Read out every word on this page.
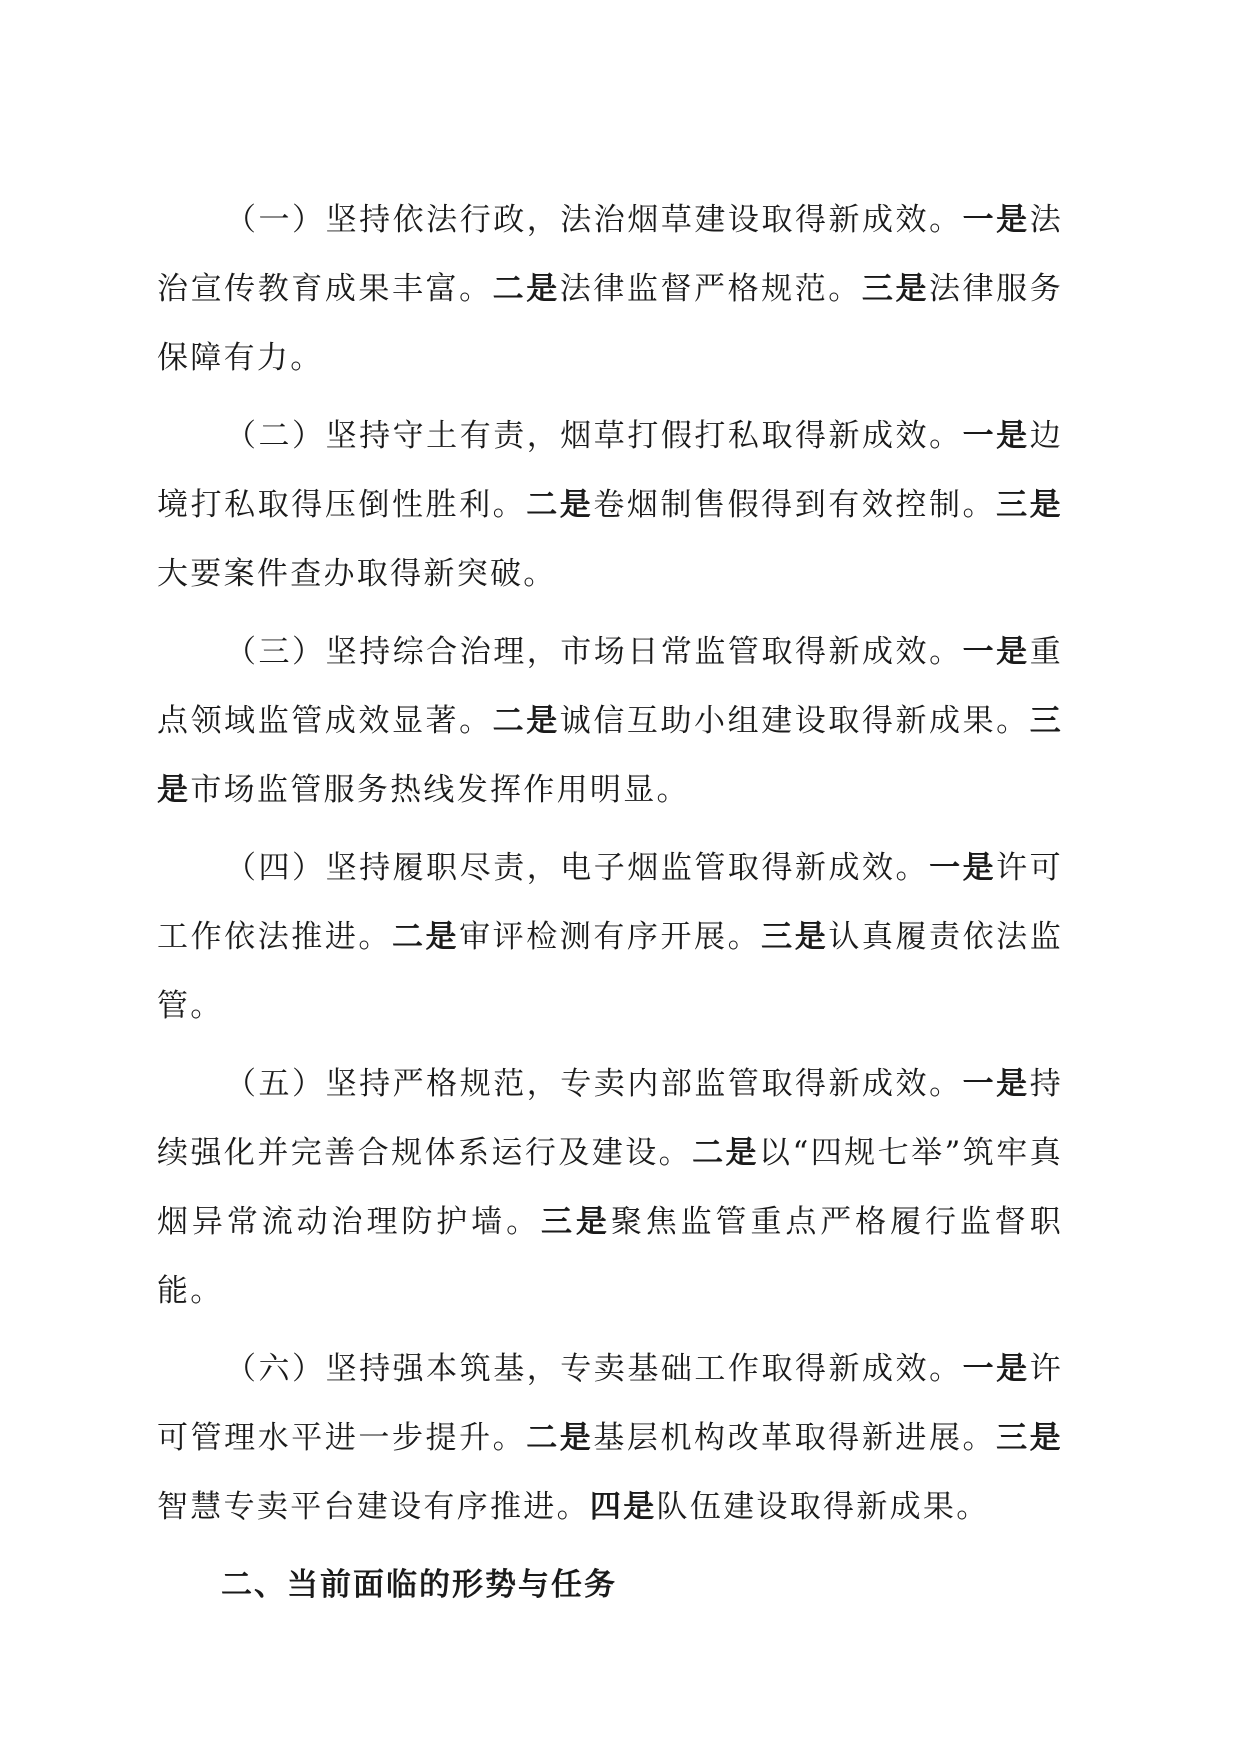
（一）坚持依法行政，法治烟草建设取得新成效。一是法治宣传教育成果丰富。二是法律监督严格规范。三是法律服务保障有力。

（二）坚持守土有责，烟草打假打私取得新成效。一是边境打私取得压倒性胜利。二是卷烟制售假得到有效控制。三是大要案件查办取得新突破。

（三）坚持综合治理，市场日常监管取得新成效。一是重点领域监管成效显著。二是诚信互助小组建设取得新成果。三是市场监管服务热线发挥作用明显。

（四）坚持履职尽责，电子烟监管取得新成效。一是许可工作依法推进。二是审评检测有序开展。三是认真履责依法监管。

（五）坚持严格规范，专卖内部监管取得新成效。一是持续强化并完善合规体系运行及建设。二是以“四规七举”筑牢真烟异常流动治理防护墙。三是聚焦监管重点严格履行监督职能。

（六）坚持强本筑基，专卖基础工作取得新成效。一是许可管理水平进一步提升。二是基层机构改革取得新进展。三是智慧专卖平台建设有序推进。四是队伍建设取得新成果。

二、当前面临的形势与任务
